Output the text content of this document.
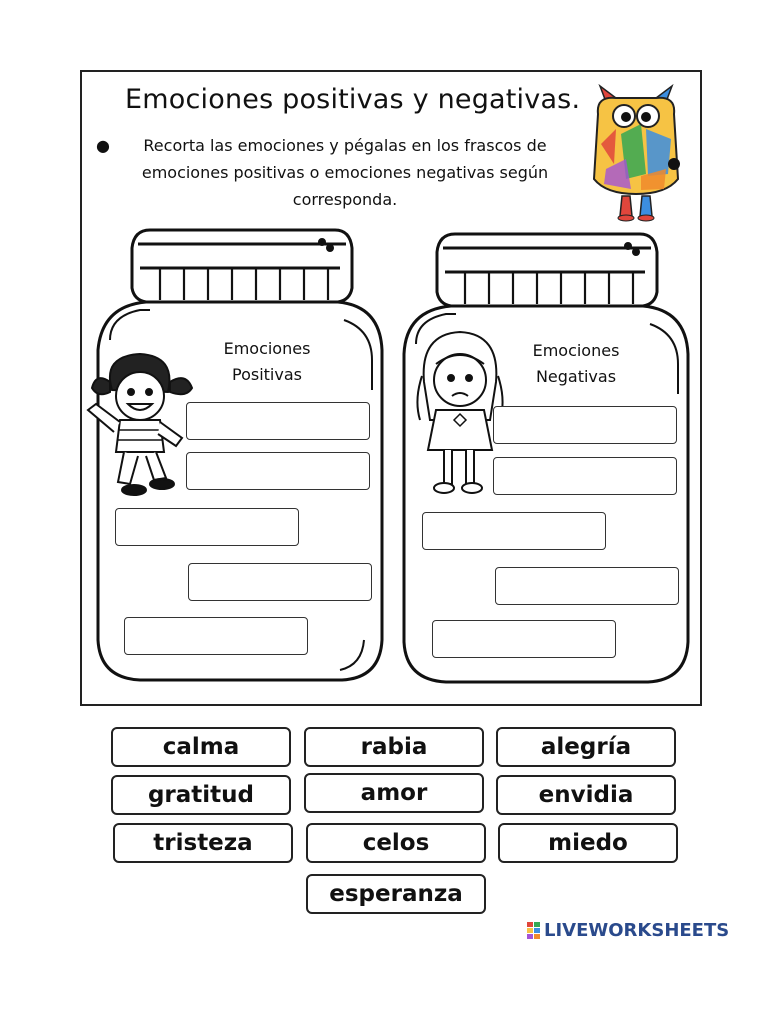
Emociones positivas y negativas.
●	Recorta las emociones y pégalas en los frascos de emociones positivas o emociones negativas según corresponda.
Emociones
Positivas
Emociones
Negativas
calma	rabia	alegría
gratitud	amor	envidia
tristeza	celos	miedo
esperanza
LIVEWORKSHEETS
